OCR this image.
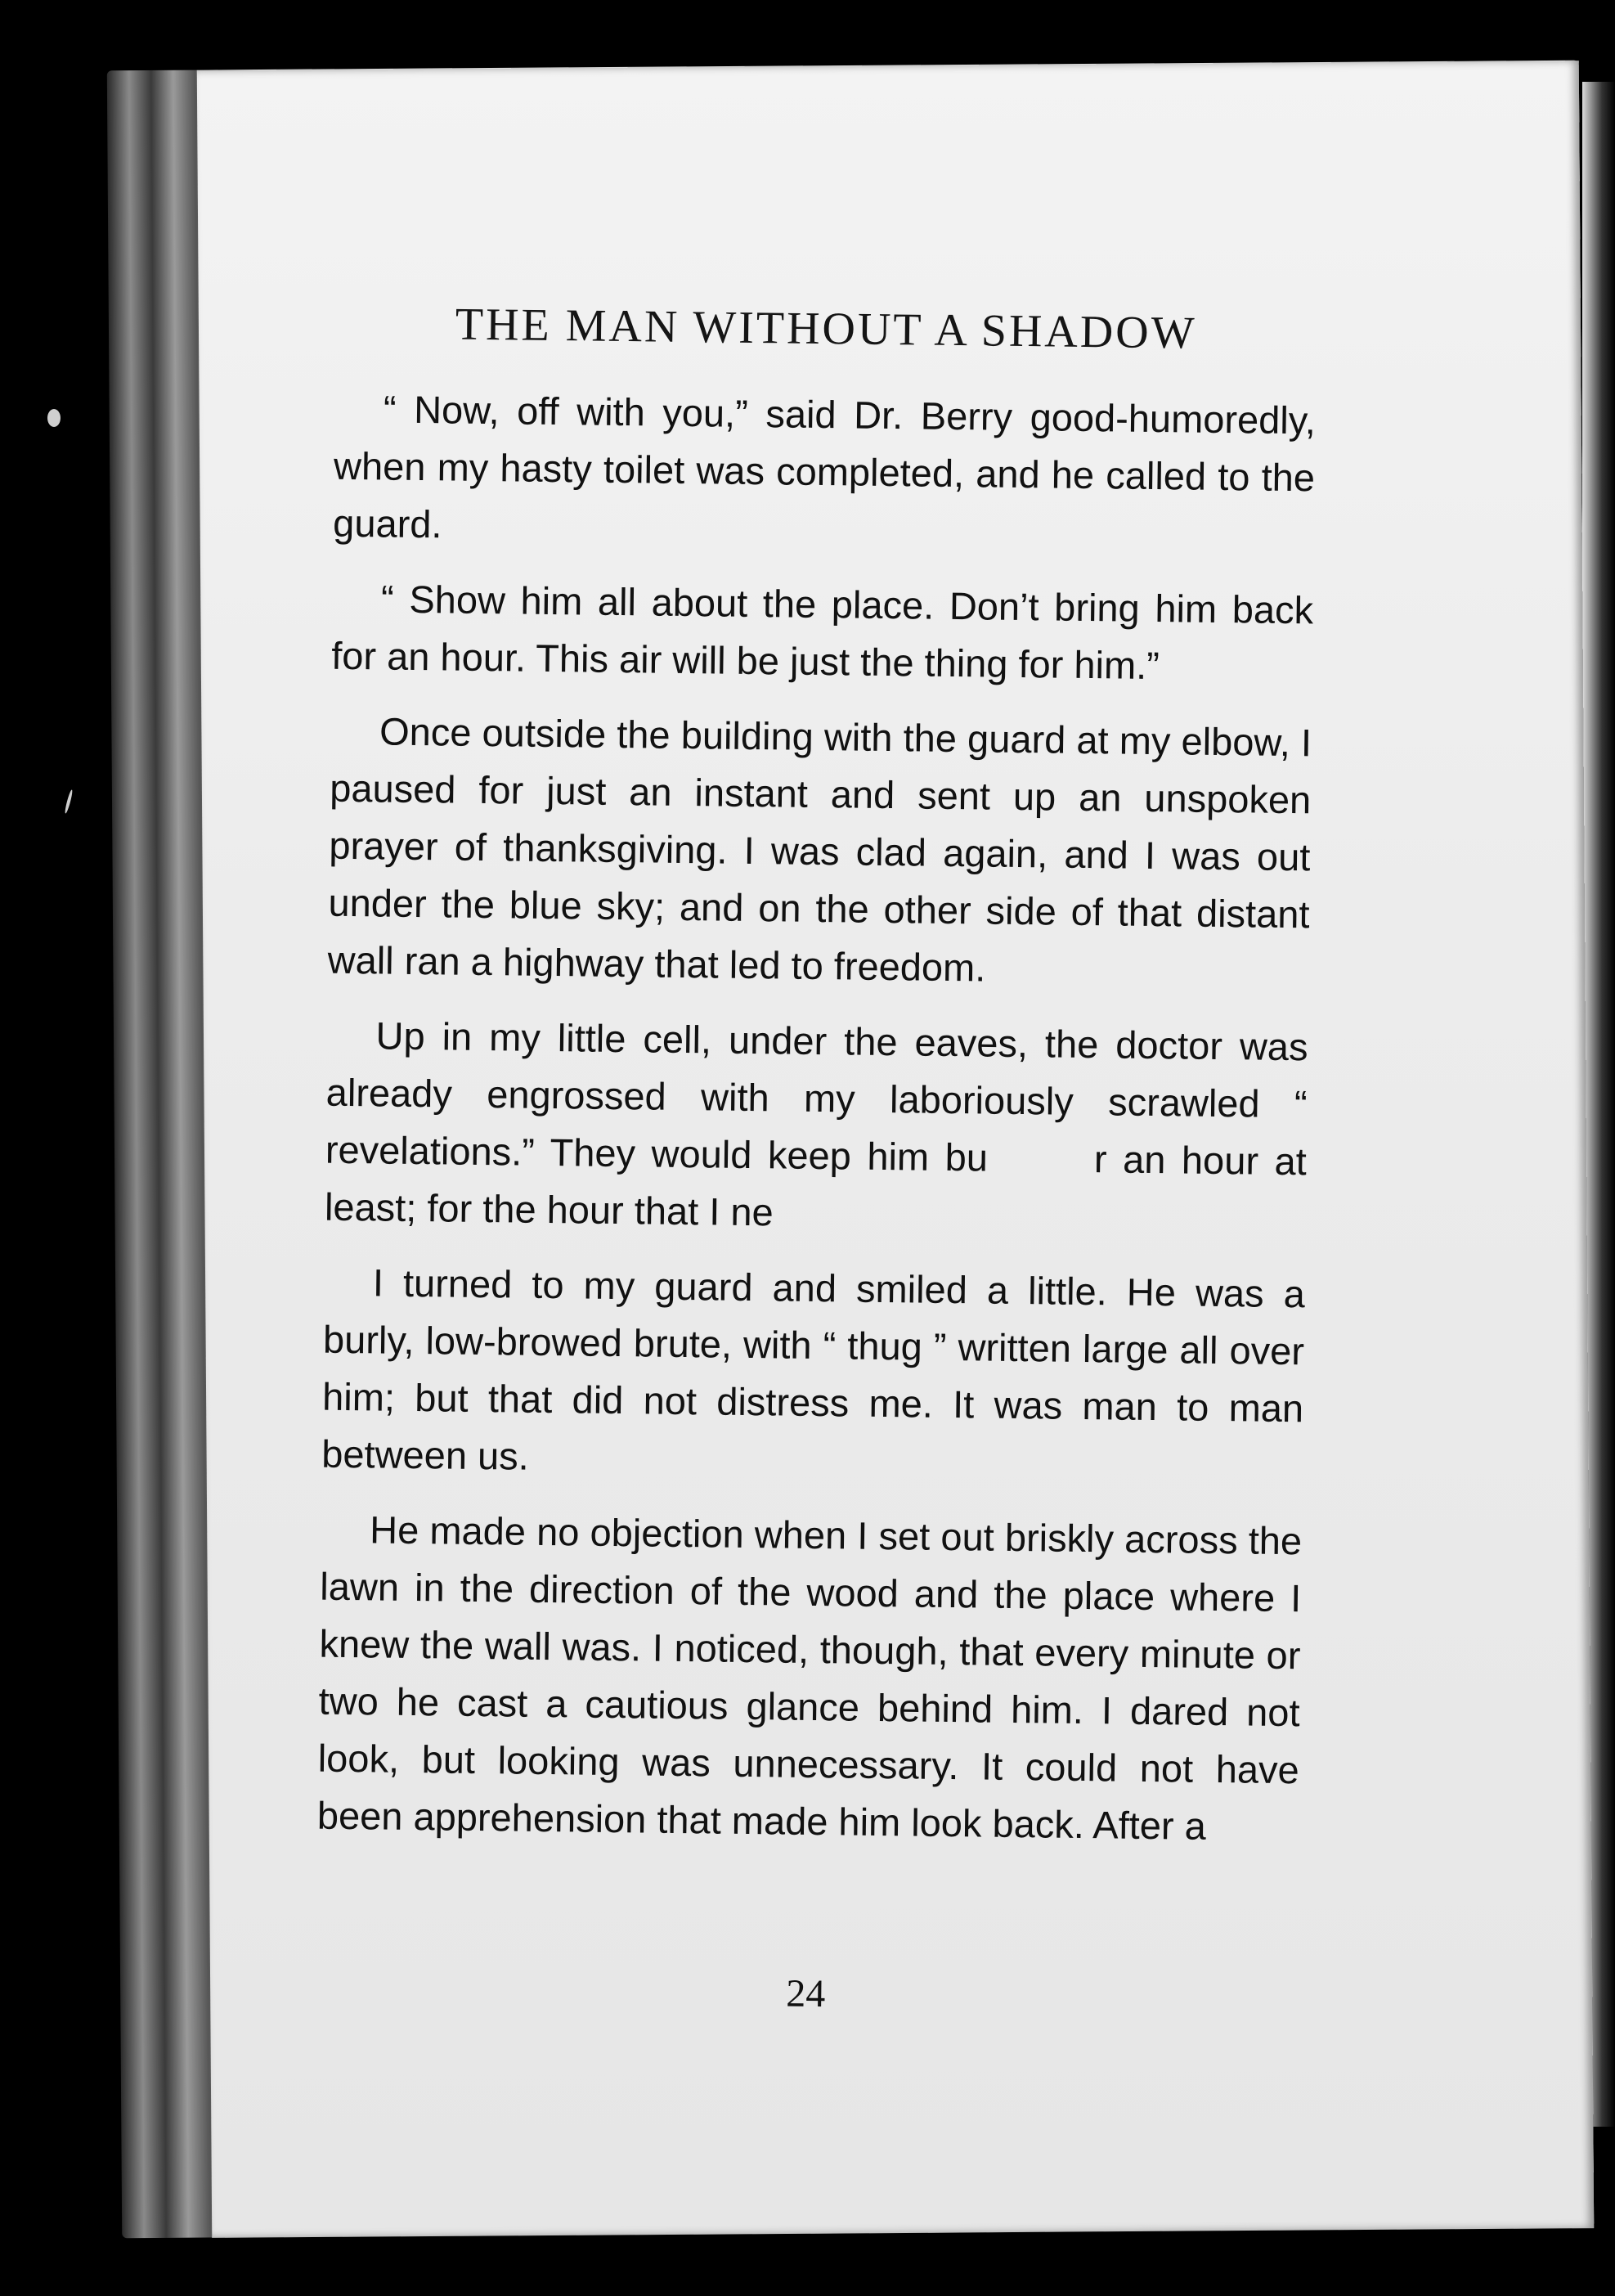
THE MAN WITHOUT A SHADOW

“ Now, off with you,” said Dr. Berry good-humoredly, when my hasty toilet was completed, and he called to the guard.

“ Show him all about the place. Don’t bring him back for an hour. This air will be just the thing for him.”

Once outside the building with the guard at my elbow, I paused for just an instant and sent up an unspoken prayer of thanksgiving. I was clad again, and I was out under the blue sky; and on the other side of that distant wall ran a highway that led to freedom.

Up in my little cell, under the eaves, the doctor was already engrossed with my laboriously scrawled “ revelations.” They would keep him bu	r an hour at least; for the hour that I ne

I turned to my guard and smiled a little. He was a burly, low-browed brute, with “ thug ” written large all over him; but that did not distress me. It was man to man between us.

He made no objection when I set out briskly across the lawn in the direction of the wood and the place where I knew the wall was. I noticed, though, that every minute or two he cast a cautious glance behind him. I dared not look, but looking was unnecessary. It could not have been apprehension that made him look back. After a

24
